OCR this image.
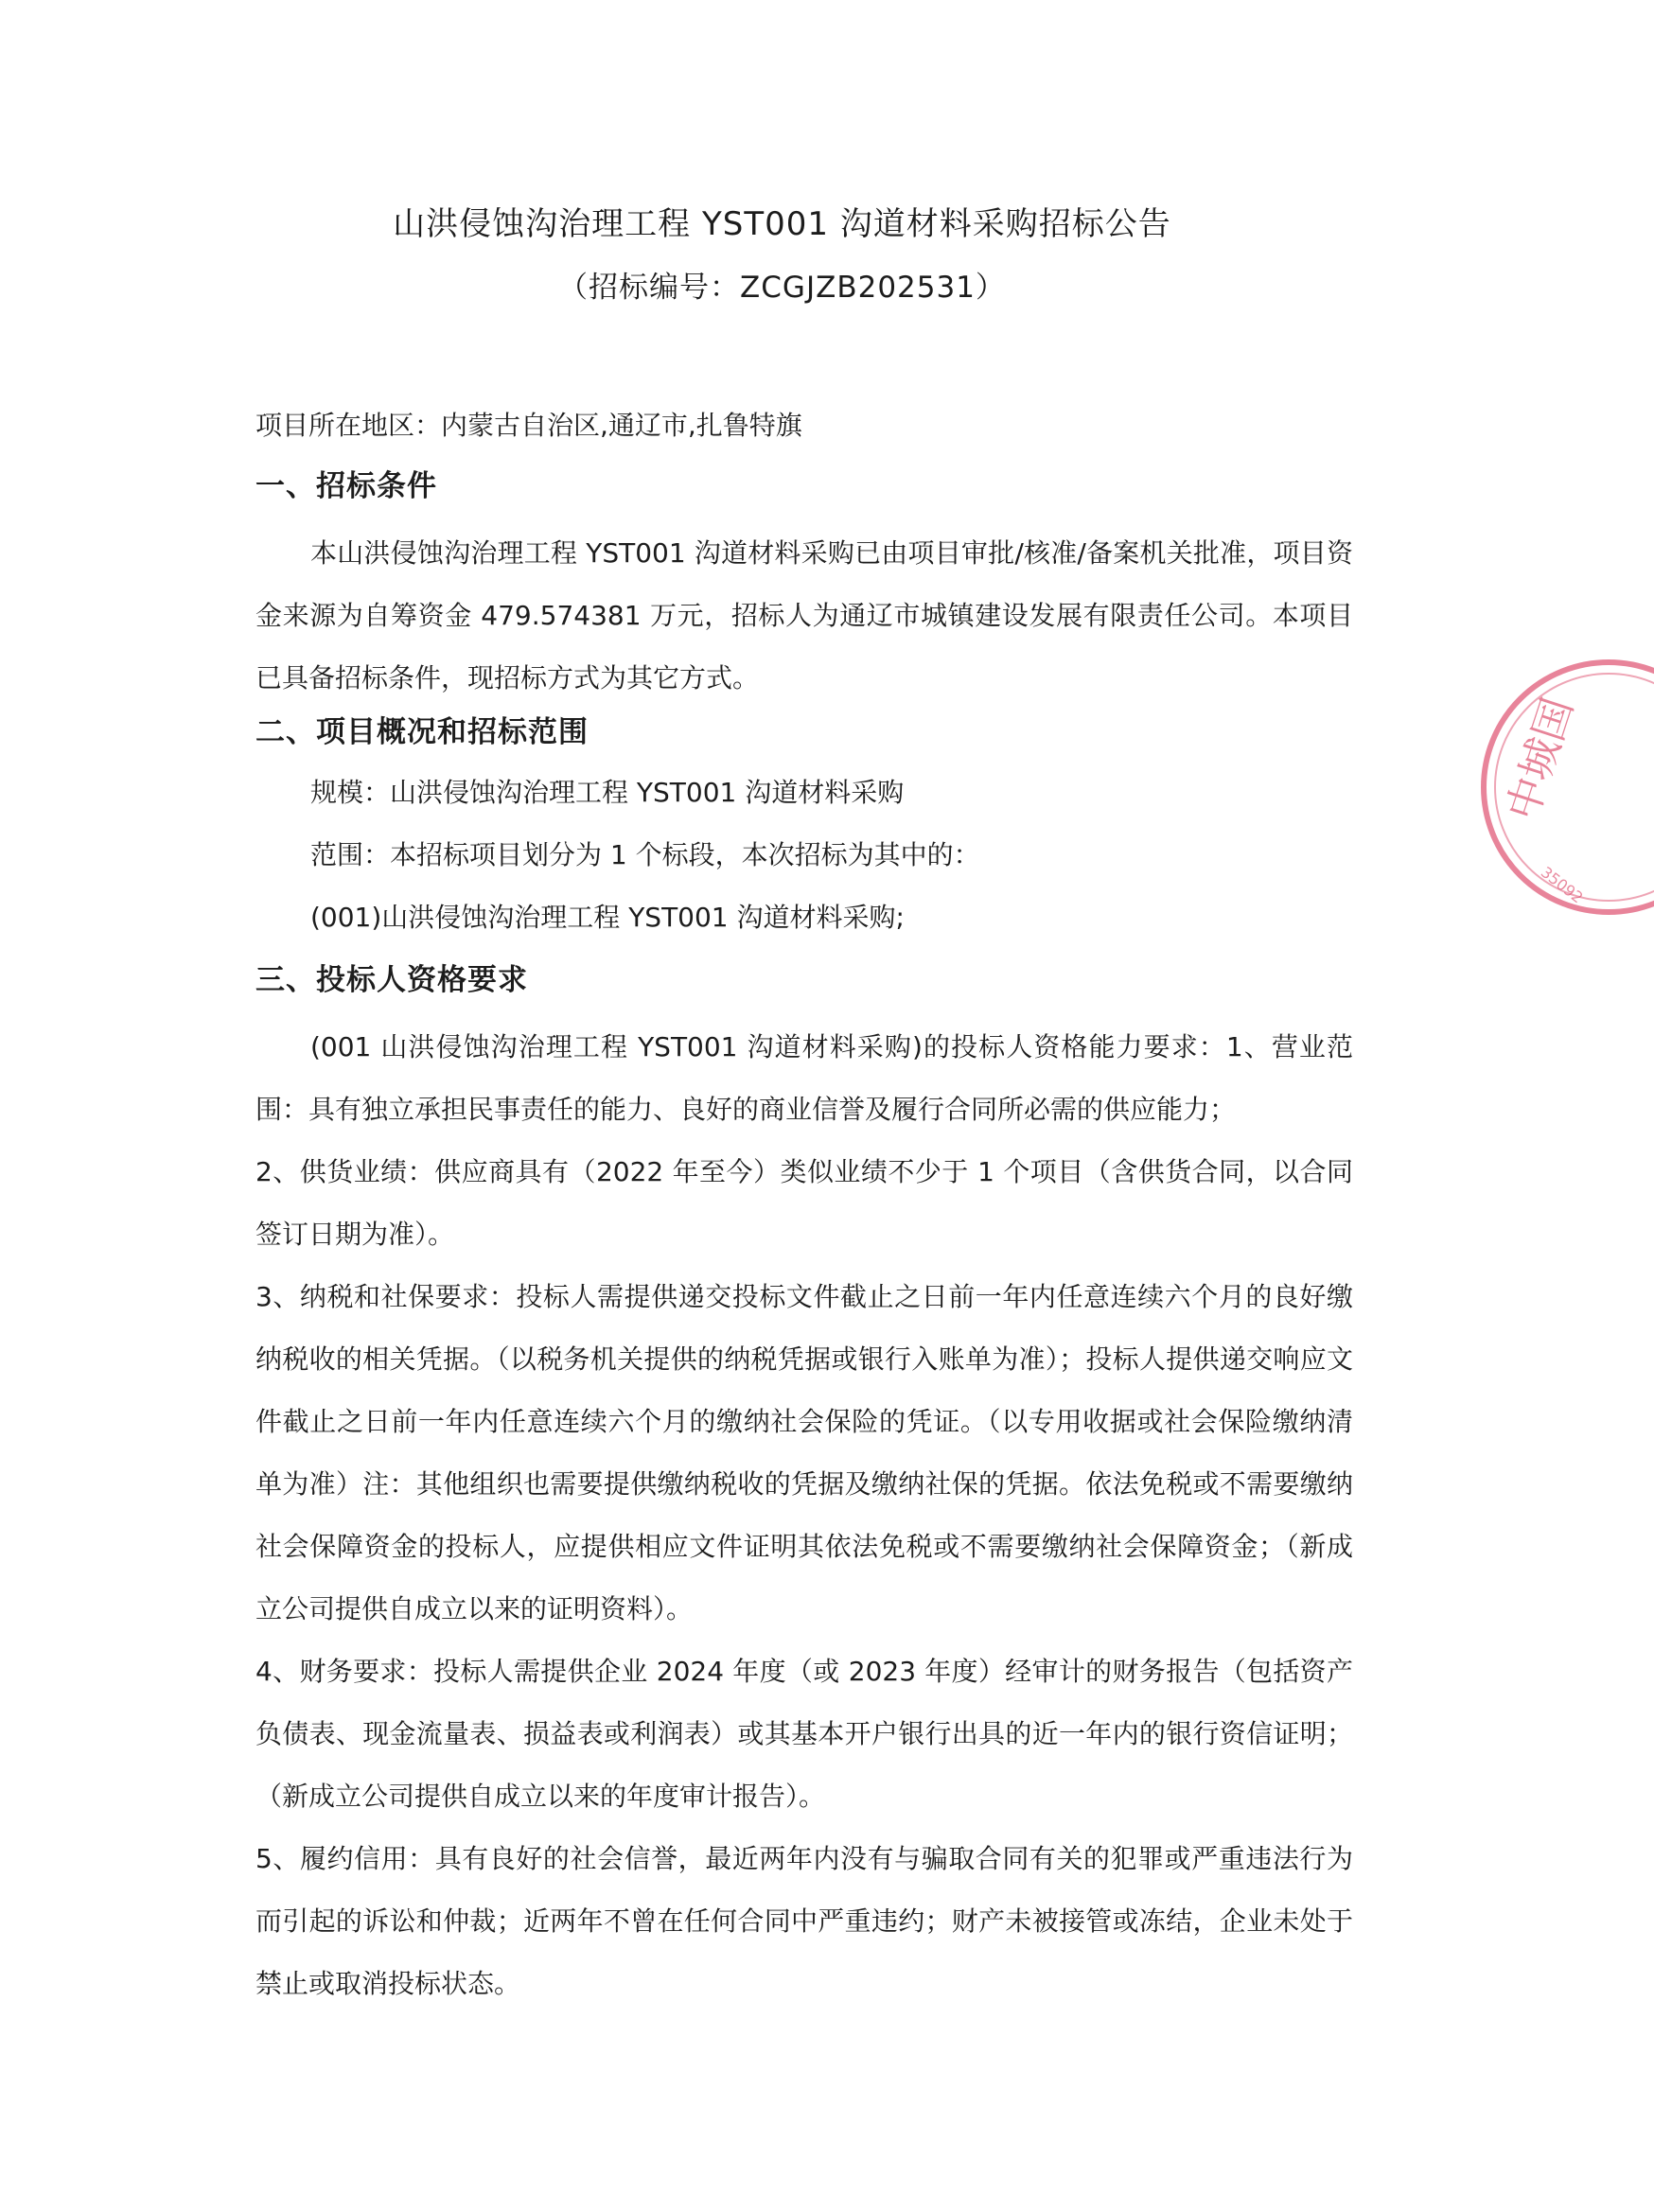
山洪侵蚀沟治理工程 YST001 沟道材料采购招标公告
（招标编号：ZCGJZB202531）
项目所在地区：内蒙古自治区,通辽市,扎鲁特旗
一、招标条件
本山洪侵蚀沟治理工程 YST001 沟道材料采购已由项目审批/核准/备案机关批准，项目资金来源为自筹资金 479.574381 万元，招标人为通辽市城镇建设发展有限责任公司。本项目已具备招标条件，现招标方式为其它方式。
二、项目概况和招标范围
规模：山洪侵蚀沟治理工程 YST001 沟道材料采购
范围：本招标项目划分为 1 个标段，本次招标为其中的：
(001)山洪侵蚀沟治理工程 YST001 沟道材料采购;
三、投标人资格要求
(001 山洪侵蚀沟治理工程 YST001 沟道材料采购)的投标人资格能力要求：1、营业范围：具有独立承担民事责任的能力、良好的商业信誉及履行合同所必需的供应能力；
2、供货业绩：供应商具有（2022 年至今）类似业绩不少于 1 个项目（含供货合同，以合同签订日期为准）。
3、纳税和社保要求：投标人需提供递交投标文件截止之日前一年内任意连续六个月的良好缴纳税收的相关凭据。（以税务机关提供的纳税凭据或银行入账单为准）；投标人提供递交响应文件截止之日前一年内任意连续六个月的缴纳社会保险的凭证。（以专用收据或社会保险缴纳清单为准）注：其他组织也需要提供缴纳税收的凭据及缴纳社保的凭据。依法免税或不需要缴纳社会保障资金的投标人，应提供相应文件证明其依法免税或不需要缴纳社会保障资金；（新成立公司提供自成立以来的证明资料）。
4、财务要求：投标人需提供企业 2024 年度（或 2023 年度）经审计的财务报告（包括资产负债表、现金流量表、损益表或利润表）或其基本开户银行出具的近一年内的银行资信证明；（新成立公司提供自成立以来的年度审计报告）。
5、履约信用：具有良好的社会信誉，最近两年内没有与骗取合同有关的犯罪或严重违法行为而引起的诉讼和仲裁；近两年不曾在任何合同中严重违约；财产未被接管或冻结，企业未处于禁止或取消投标状态。
中城国
35092
